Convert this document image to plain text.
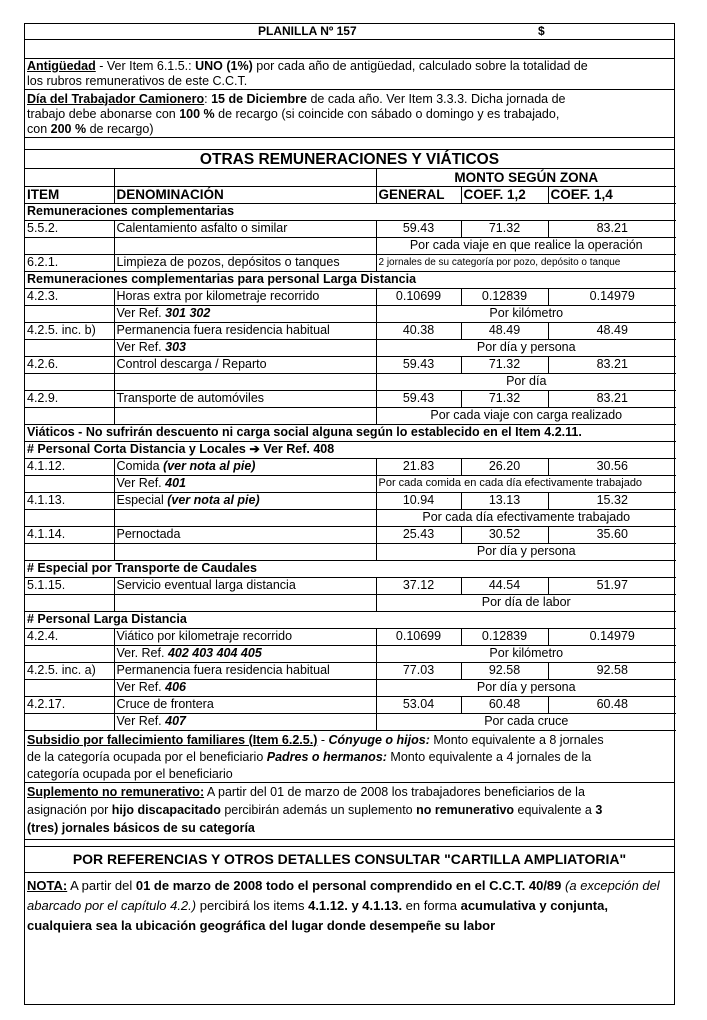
PLANILLA Nº 157	$
Antigüedad - Ver Item 6.1.5.: UNO (1%) por cada año de antigüedad, calculado sobre la totalidad de
los rubros remunerativos de este C.C.T.
Día del Trabajador Camionero: 15 de Diciembre de cada año. Ver Item 3.3.3. Dicha jornada de
trabajo debe abonarse con 100 % de recargo (si coincide con sábado o domingo y es trabajado,
con 200 % de recargo)
OTRAS REMUNERACIONES Y VIÁTICOS
		MONTO SEGÚN ZONA		
ITEM	DENOMINACIÓN	GENERAL	COEF. 1,2	COEF. 1,4
Remuneraciones complementarias				
5.5.2.	Calentamiento asfalto o similar	59.43	71.32	83.21
		Por cada viaje en que realice la operación		
6.2.1.	Limpieza de pozos, depósitos o tanques	2 jornales de su categoría por pozo, depósito o tanque		
Remuneraciones complementarias para personal Larga Distancia				
4.2.3.	Horas extra por kilometraje recorrido	0.10699	0.12839	0.14979
	Ver Ref. 301 302	Por kilómetro		
4.2.5. inc. b)	Permanencia fuera residencia habitual	40.38	48.49	48.49
	Ver Ref. 303	Por día y persona		
4.2.6.	Control descarga / Reparto	59.43	71.32	83.21
		Por día		
4.2.9.	Transporte de automóviles	59.43	71.32	83.21
		Por cada viaje con carga realizado		
Viáticos - No sufrirán descuento ni carga social alguna según lo establecido en el Item 4.2.11.				
# Personal Corta Distancia y Locales ➔ Ver Ref. 408				
4.1.12.	Comida (ver nota al pie)	21.83	26.20	30.56
	Ver Ref. 401	Por cada comida en cada día efectivamente trabajado		
4.1.13.	Especial (ver nota al pie)	10.94	13.13	15.32
		Por cada día efectivamente trabajado		
4.1.14.	Pernoctada	25.43	30.52	35.60
		Por día y persona		
# Especial por Transporte de Caudales				
5.1.15.	Servicio eventual larga distancia	37.12	44.54	51.97
		Por día de labor		
# Personal Larga Distancia				
4.2.4.	Viático por kilometraje recorrido	0.10699	0.12839	0.14979
	Ver. Ref. 402 403 404 405	Por kilómetro		
4.2.5. inc. a)	Permanencia fuera residencia habitual	77.03	92.58	92.58
	Ver Ref. 406	Por día y persona		
4.2.17.	Cruce de frontera	53.04	60.48	60.48
	Ver Ref. 407	Por cada cruce		
Subsidio por fallecimiento familiares (Item 6.2.5.) - Cónyuge o hijos: Monto equivalente a 8 jornales
de la categoría ocupada por el beneficiario Padres o hermanos: Monto equivalente a 4 jornales de la
categoría ocupada por el beneficiario
Suplemento no remunerativo: A partir del 01 de marzo de 2008 los trabajadores beneficiarios de la
asignación por hijo discapacitado percibirán además un suplemento no remunerativo equivalente a 3
(tres) jornales básicos de su categoría
POR REFERENCIAS Y OTROS DETALLES CONSULTAR "CARTILLA AMPLIATORIA"
NOTA: A partir del 01 de marzo de 2008 todo el personal comprendido en el C.C.T. 40/89 (a excepción del abarcado por el capítulo 4.2.) percibirá los items 4.1.12. y 4.1.13. en forma acumulativa y conjunta, cualquiera sea la ubicación geográfica del lugar donde desempeñe su labor
